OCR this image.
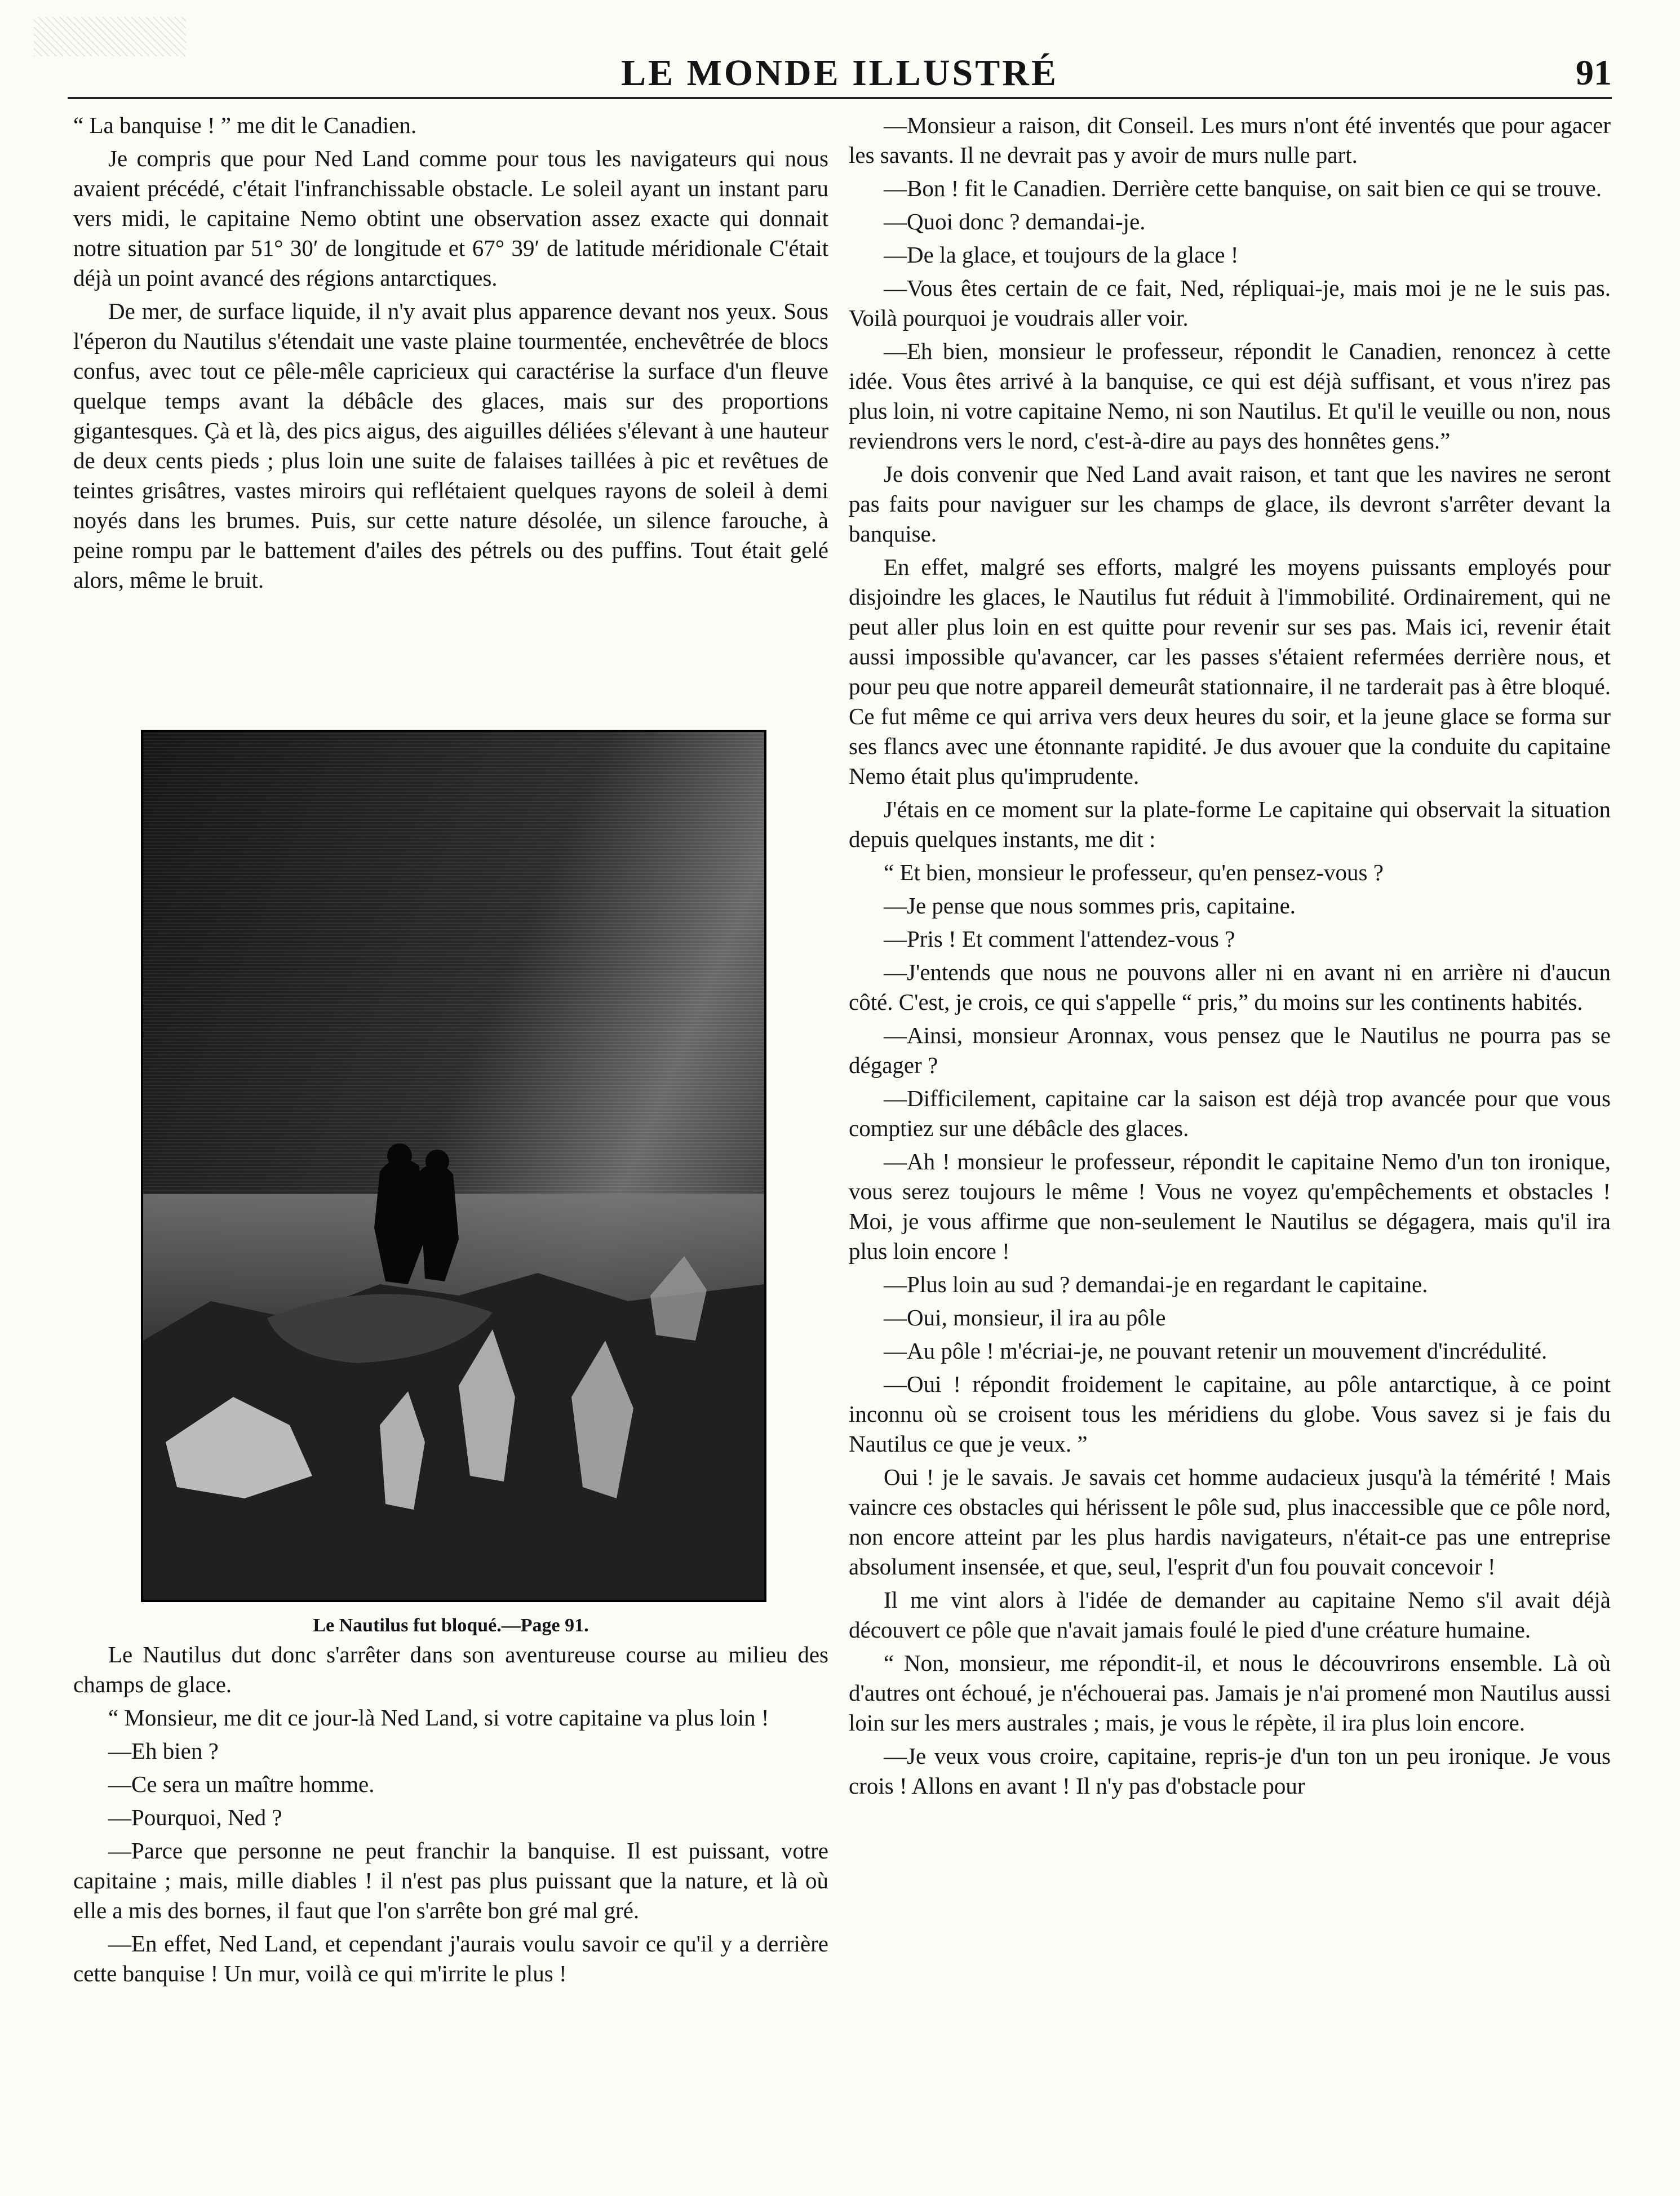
LE MONDE ILLUSTRÉ	91

“ La banquise ! ” me dit le Canadien.

Je compris que pour Ned Land comme pour tous les navigateurs qui nous avaient précédé, c'était l'infranchissable obstacle. Le soleil ayant un instant paru vers midi, le capitaine Nemo obtint une observation assez exacte qui donnait notre situation par 51° 30′ de longitude et 67° 39′ de latitude méridionale C'était déjà un point avancé des régions antarctiques.

De mer, de surface liquide, il n'y avait plus apparence devant nos yeux. Sous l'éperon du Nautilus s'étendait une vaste plaine tourmentée, enchevêtrée de blocs confus, avec tout ce pêle-mêle capricieux qui caractérise la surface d'un fleuve quelque temps avant la débâcle des glaces, mais sur des proportions gigantesques. Çà et là, des pics aigus, des aiguilles déliées s'élevant à une hauteur de deux cents pieds ; plus loin une suite de falaises taillées à pic et revêtues de teintes grisâtres, vastes miroirs qui reflétaient quelques rayons de soleil à demi noyés dans les brumes. Puis, sur cette nature désolée, un silence farouche, à peine rompu par le battement d'ailes des pétrels ou des puffins. Tout était gelé alors, même le bruit.

Le Nautilus fut bloqué.—Page 91.

Le Nautilus dut donc s'arrêter dans son aventureuse course au milieu des champs de glace.

“ Monsieur, me dit ce jour-là Ned Land, si votre capitaine va plus loin !

—Eh bien ?

—Ce sera un maître homme.

—Pourquoi, Ned ?

—Parce que personne ne peut franchir la banquise. Il est puissant, votre capitaine ; mais, mille diables ! il n'est pas plus puissant que la nature, et là où elle a mis des bornes, il faut que l'on s'arrête bon gré mal gré.

—En effet, Ned Land, et cependant j'aurais voulu savoir ce qu'il y a derrière cette banquise ! Un mur, voilà ce qui m'irrite le plus !

—Monsieur a raison, dit Conseil. Les murs n'ont été inventés que pour agacer les savants. Il ne devrait pas y avoir de murs nulle part.

—Bon ! fit le Canadien. Derrière cette banquise, on sait bien ce qui se trouve.

—Quoi donc ? demandai-je.

—De la glace, et toujours de la glace !

—Vous êtes certain de ce fait, Ned, répliquai-je, mais moi je ne le suis pas. Voilà pourquoi je voudrais aller voir.

—Eh bien, monsieur le professeur, répondit le Canadien, renoncez à cette idée. Vous êtes arrivé à la banquise, ce qui est déjà suffisant, et vous n'irez pas plus loin, ni votre capitaine Nemo, ni son Nautilus. Et qu'il le veuille ou non, nous reviendrons vers le nord, c'est-à-dire au pays des honnêtes gens.”

Je dois convenir que Ned Land avait raison, et tant que les navires ne seront pas faits pour naviguer sur les champs de glace, ils devront s'arrêter devant la banquise.

En effet, malgré ses efforts, malgré les moyens puissants employés pour disjoindre les glaces, le Nautilus fut réduit à l'immobilité. Ordinairement, qui ne peut aller plus loin en est quitte pour revenir sur ses pas. Mais ici, revenir était aussi impossible qu'avancer, car les passes s'étaient refermées derrière nous, et pour peu que notre appareil demeurât stationnaire, il ne tarderait pas à être bloqué. Ce fut même ce qui arriva vers deux heures du soir, et la jeune glace se forma sur ses flancs avec une étonnante rapidité. Je dus avouer que la conduite du capitaine Nemo était plus qu'imprudente.

J'étais en ce moment sur la plate-forme Le capitaine qui observait la situation depuis quelques instants, me dit :

“ Et bien, monsieur le professeur, qu'en pensez-vous ?

—Je pense que nous sommes pris, capitaine.

—Pris ! Et comment l'attendez-vous ?

—J'entends que nous ne pouvons aller ni en avant ni en arrière ni d'aucun côté. C'est, je crois, ce qui s'appelle “ pris,” du moins sur les continents habités.

—Ainsi, monsieur Aronnax, vous pensez que le Nautilus ne pourra pas se dégager ?

—Difficilement, capitaine car la saison est déjà trop avancée pour que vous comptiez sur une débâcle des glaces.

—Ah ! monsieur le professeur, répondit le capitaine Nemo d'un ton ironique, vous serez toujours le même ! Vous ne voyez qu'empêchements et obstacles ! Moi, je vous affirme que non-seulement le Nautilus se dégagera, mais qu'il ira plus loin encore !

—Plus loin au sud ? demandai-je en regardant le capitaine.

—Oui, monsieur, il ira au pôle

—Au pôle ! m'écriai-je, ne pouvant retenir un mouvement d'incrédulité.

—Oui ! répondit froidement le capitaine, au pôle antarctique, à ce point inconnu où se croisent tous les méridiens du globe. Vous savez si je fais du Nautilus ce que je veux. ”

Oui ! je le savais. Je savais cet homme audacieux jusqu'à la témérité ! Mais vaincre ces obstacles qui hérissent le pôle sud, plus inaccessible que ce pôle nord, non encore atteint par les plus hardis navigateurs, n'était-ce pas une entreprise absolument insensée, et que, seul, l'esprit d'un fou pouvait concevoir !

Il me vint alors à l'idée de demander au capitaine Nemo s'il avait déjà découvert ce pôle que n'avait jamais foulé le pied d'une créature humaine.

“ Non, monsieur, me répondit-il, et nous le découvrirons ensemble. Là où d'autres ont échoué, je n'échouerai pas. Jamais je n'ai promené mon Nautilus aussi loin sur les mers australes ; mais, je vous le répète, il ira plus loin encore.

—Je veux vous croire, capitaine, repris-je d'un ton un peu ironique. Je vous crois ! Allons en avant ! Il n'y pas d'obstacle pour
